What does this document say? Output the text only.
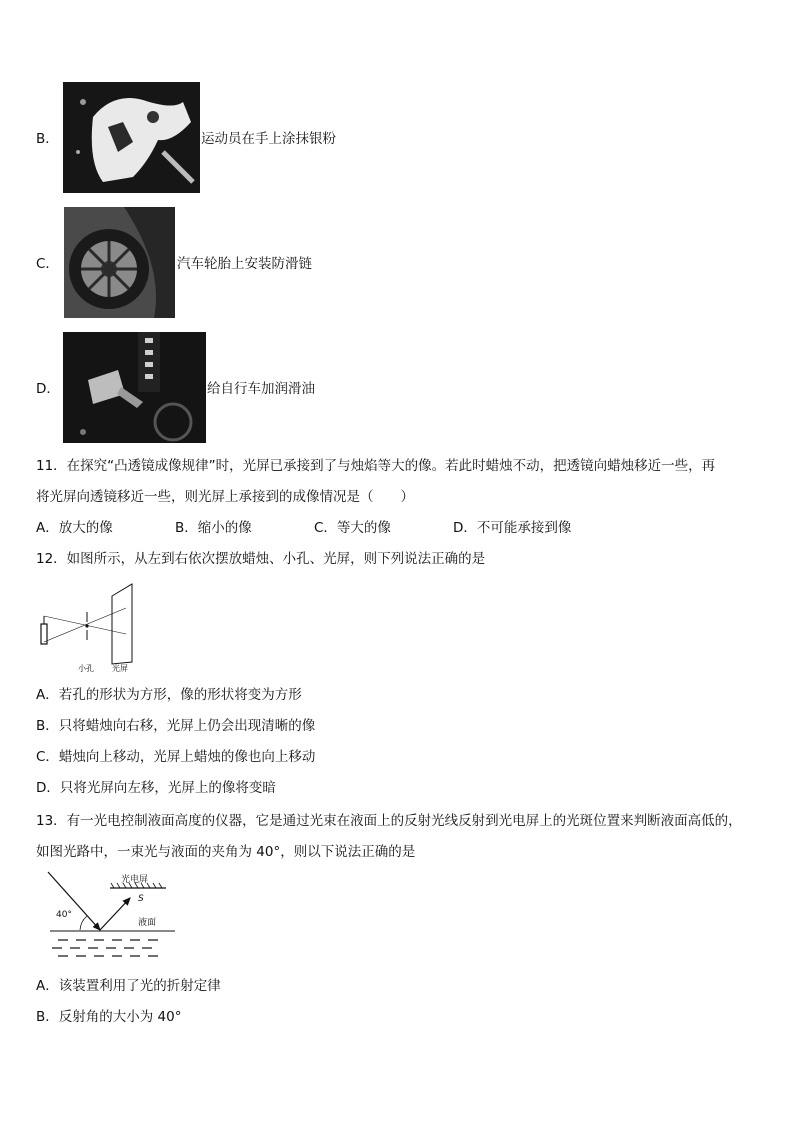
B．	运动员在手上涂抹银粉
C．	汽车轮胎上安装防滑链
D．	给自行车加润滑油
11．在探究“凸透镜成像规律”时，光屏已承接到了与烛焰等大的像。若此时蜡烛不动，把透镜向蜡烛移近一些，再
将光屏向透镜移近一些，则光屏上承接到的成像情况是（　　）
A．放大的像	B．缩小的像	C．等大的像	D．不可能承接到像
12．如图所示，从左到右依次摆放蜡烛、小孔、光屏，则下列说法正确的是
小孔 光屏
A．若孔的形状为方形，像的形状将变为方形
B．只将蜡烛向右移，光屏上仍会出现清晰的像
C．蜡烛向上移动，光屏上蜡烛的像也向上移动
D．只将光屏向左移，光屏上的像将变暗
13．有一光电控制液面高度的仪器，它是通过光束在液面上的反射光线反射到光电屏上的光斑位置来判断液面高低的，
如图光路中，一束光与液面的夹角为 40°，则以下说法正确的是
光电屏
S
40°
液面
A．该装置利用了光的折射定律
B．反射角的大小为 40°
